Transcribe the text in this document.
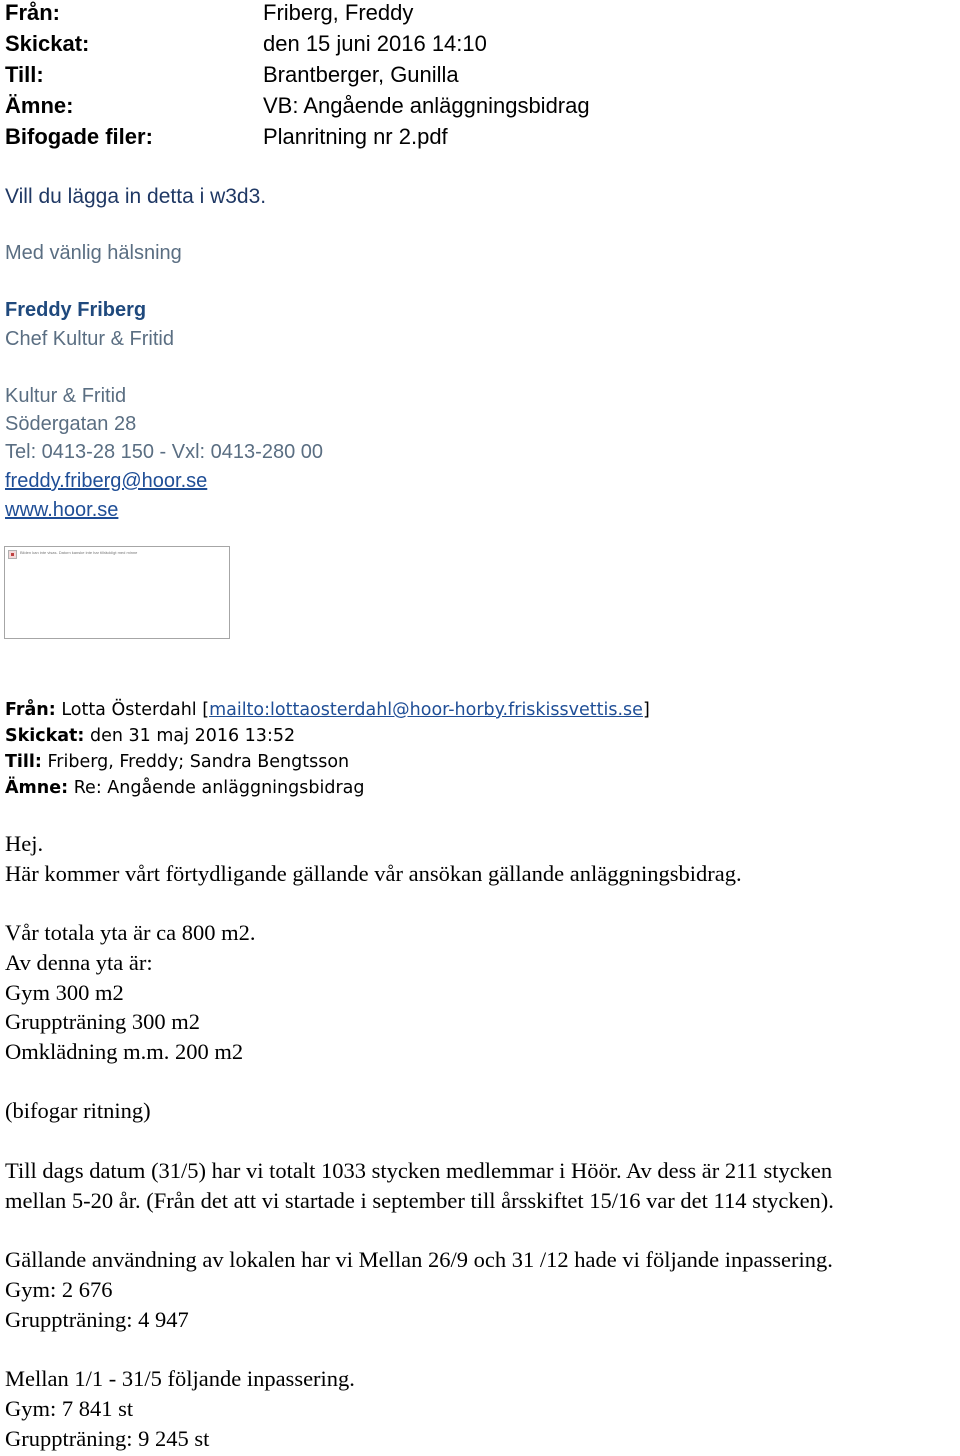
Från:	Friberg, Freddy
Skickat:	den 15 juni 2016 14:10
Till:	Brantberger, Gunilla
Ämne:	VB: Angående anläggningsbidrag
Bifogade filer:	Planritning nr 2.pdf
Vill du lägga in detta i w3d3.
Med vänlig hälsning
Freddy Friberg
Chef Kultur & Fritid
Kultur & Fritid
Södergatan 28
Tel: 0413-28 150 - Vxl: 0413-280 00
freddy.friberg@hoor.se
www.hoor.se
Bilden kan inte visas. Datorn kanske inte har tillräckligt med minne
Från: Lotta Österdahl [mailto:lottaosterdahl@hoor-horby.friskissvettis.se]
Skickat: den 31 maj 2016 13:52
Till: Friberg, Freddy; Sandra Bengtsson
Ämne: Re: Angående anläggningsbidrag
Hej.
Här kommer vårt förtydligande gällande vår ansökan gällande anläggningsbidrag.
Vår totala yta är ca 800 m2.
Av denna yta är:
Gym 300 m2
Gruppträning 300 m2
Omklädning m.m. 200 m2
(bifogar ritning)
Till dags datum (31/5) har vi totalt 1033 stycken medlemmar i Höör. Av dess är 211 stycken
mellan 5-20 år. (Från det att vi startade i september till årsskiftet 15/16 var det 114 stycken).
Gällande användning av lokalen har vi Mellan 26/9 och 31 /12 hade vi följande inpassering.
Gym: 2 676
Gruppträning: 4 947
Mellan 1/1 - 31/5 följande inpassering.
Gym: 7 841 st
Gruppträning: 9 245 st
